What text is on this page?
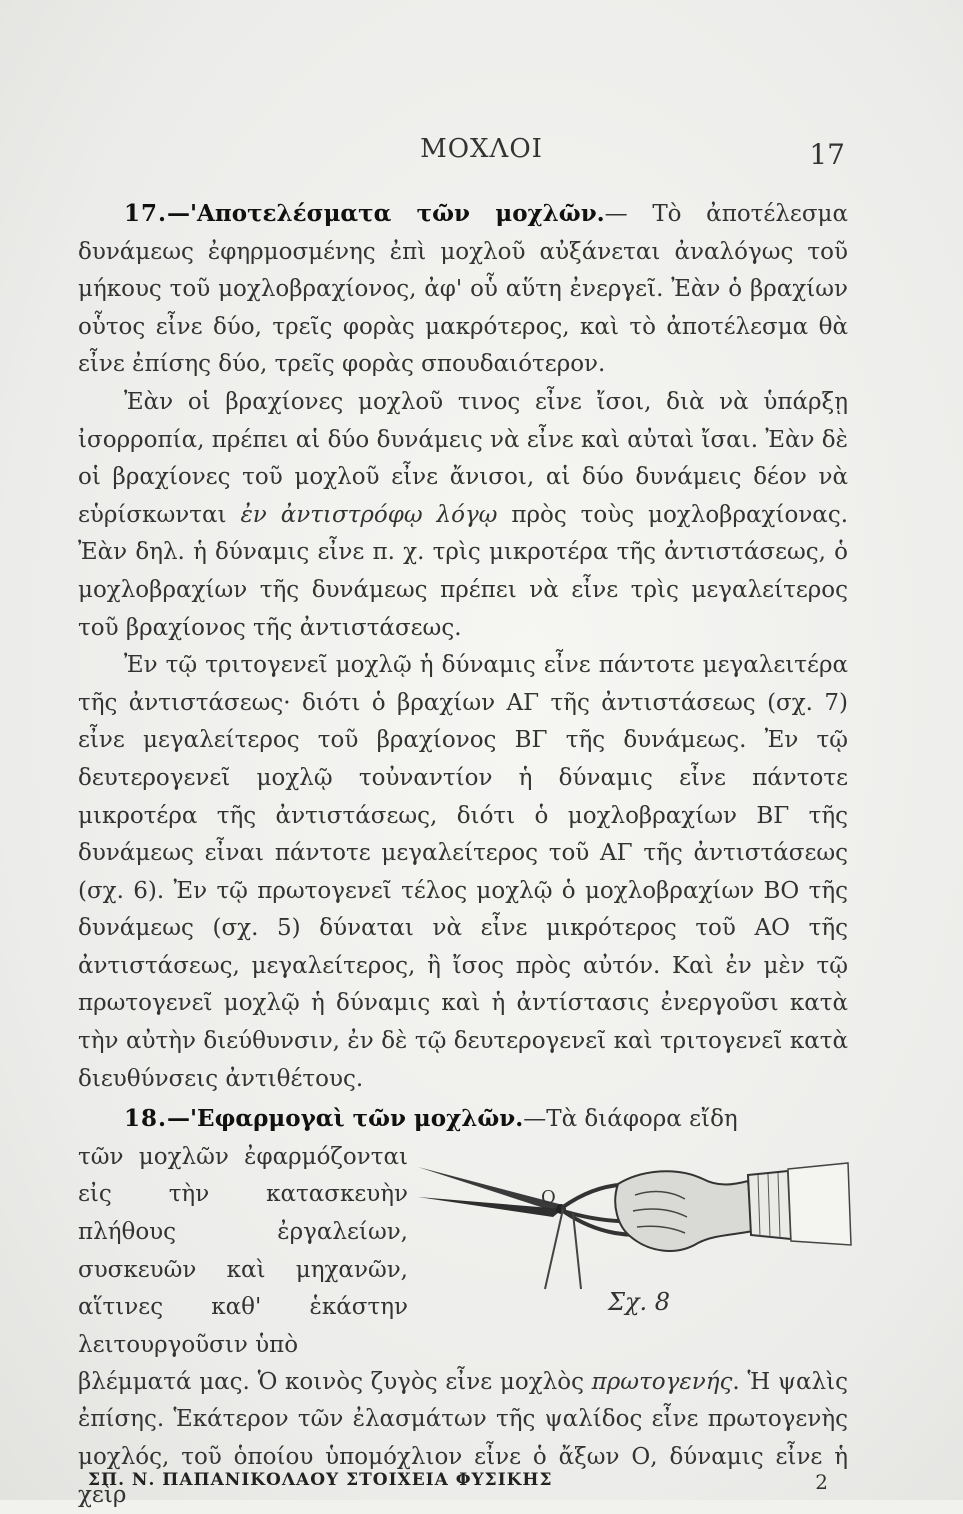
ΜΟΧΛΟΙ	17

17.—'Αποτελέσματα τῶν μοχλῶν.— Τὸ ἀποτέλεσμα δυνάμεως ἐφηρμοσμένης ἐπὶ μοχλοῦ αὐξάνεται ἀναλόγως τοῦ μήκους τοῦ μοχλοβραχίονος, ἀφ' οὗ αὕτη ἐνεργεῖ. Ἐὰν ὁ βραχίων οὗτος εἶνε δύο, τρεῖς φορὰς μακρότερος, καὶ τὸ ἀποτέλεσμα θὰ εἶνε ἐπίσης δύο, τρεῖς φορὰς σπουδαιότερον.

Ἐὰν οἱ βραχίονες μοχλοῦ τινος εἶνε ἴσοι, διὰ νὰ ὑπάρξῃ ἰσορροπία, πρέπει αἱ δύο δυνάμεις νὰ εἶνε καὶ αὐταὶ ἴσαι. Ἐὰν δὲ οἱ βραχίονες τοῦ μοχλοῦ εἶνε ἄνισοι, αἱ δύο δυνάμεις δέον νὰ εὑρίσκωνται ἐν ἀντιστρόφῳ λόγῳ πρὸς τοὺς μοχλοβραχίονας. Ἐὰν δηλ. ἡ δύναμις εἶνε π. χ. τρὶς μικροτέρα τῆς ἀντιστάσεως, ὁ μοχλοβραχίων τῆς δυνάμεως πρέπει νὰ εἶνε τρὶς μεγαλείτερος τοῦ βραχίονος τῆς ἀντιστάσεως.

Ἐν τῷ τριτογενεῖ μοχλῷ ἡ δύναμις εἶνε πάντοτε μεγαλειτέρα τῆς ἀντιστάσεως· διότι ὁ βραχίων ΑΓ τῆς ἀντιστάσεως (σχ. 7) εἶνε μεγαλείτερος τοῦ βραχίονος ΒΓ τῆς δυνάμεως. Ἐν τῷ δευτερογενεῖ μοχλῷ τοὐναντίον ἡ δύναμις εἶνε πάντοτε μικροτέρα τῆς ἀντιστάσεως, διότι ὁ μοχλοβραχίων ΒΓ τῆς δυνάμεως εἶναι πάντοτε μεγαλείτερος τοῦ ΑΓ τῆς ἀντιστάσεως (σχ. 6). Ἐν τῷ πρωτογενεῖ τέλος μοχλῷ ὁ μοχλοβραχίων ΒΟ τῆς δυνάμεως (σχ. 5) δύναται νὰ εἶνε μικρότερος τοῦ ΑΟ τῆς ἀντιστάσεως, μεγαλείτερος, ἢ ἴσος πρὸς αὐτόν. Καὶ ἐν μὲν τῷ πρωτογενεῖ μοχλῷ ἡ δύναμις καὶ ἡ ἀντίστασις ἐνεργοῦσι κατὰ τὴν αὐτὴν διεύθυνσιν, ἐν δὲ τῷ δευτερογενεῖ καὶ τριτογενεῖ κατὰ διευθύνσεις ἀντιθέτους.

18.—'Εφαρμογαὶ τῶν μοχλῶν.—Τὰ διάφορα εἴδη

τῶν μοχλῶν ἐφαρμόζονται εἰς τὴν κατασκευὴν πλήθους ἐργαλείων, συσκευῶν καὶ μηχανῶν, αἵτινες καθ' ἑκάστην λειτουργοῦσιν ὑπὸ

O
Σχ. 8

βλέμματά μας. Ὁ κοινὸς ζυγὸς εἶνε μοχλὸς πρωτογενής. Ἡ ψαλὶς ἐπίσης. Ἑκάτερον τῶν ἐλασμάτων τῆς ψαλίδος εἶνε πρωτογενὴς μοχλός, τοῦ ὁποίου ὑπομόχλιον εἶνε ὁ ἄξων Ο, δύναμις εἶνε ἡ χεὶρ

ΣΠ. Ν. ΠΑΠΑΝΙΚΟΛΑΟΥ ΣΤΟΙΧΕΙΑ ΦΥΣΙΚΗΣ	2
